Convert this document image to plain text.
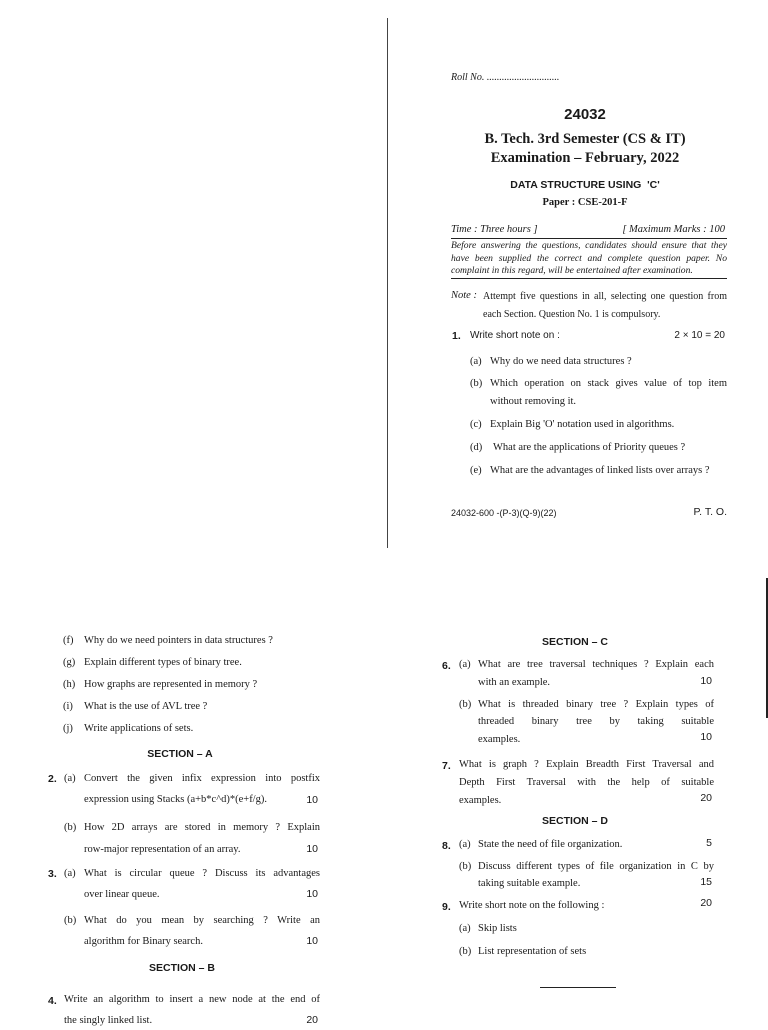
Roll No. .............................
24032
B. Tech. 3rd Semester (CS & IT)
Examination – February, 2022
DATA STRUCTURE USING  'C'
Paper : CSE-201-F
Time : Three hours ]	[ Maximum Marks : 100
Before answering the questions, candidates should ensure that they have been supplied the correct and complete question paper. No complaint in this regard, will be entertained after examination.
Note : Attempt five questions in all, selecting one question from each Section. Question No. 1 is compulsory.
1. Write short note on :	2 × 10 = 20
(a) Why do we need data structures ?
(b) Which operation on stack gives value of top item without removing it.
(c) Explain Big 'O' notation used in algorithms.
(d) What are the applications of Priority queues ?
(e) What are the advantages of linked lists over arrays ?
24032-600 -(P-3)(Q-9)(22)	P. T. O.
(f) Why do we need pointers in data structures ?
(g) Explain different types of binary tree.
(h) How graphs are represented in memory ?
(i) What is the use of AVL tree ?
(j) Write applications of sets.
SECTION – A
2. (a) Convert the given infix expression into postfix
expression using Stacks (a+b*c^d)*(e+f/g).	10
(b) How 2D arrays are stored in memory ? Explain
row-major representation of an array.	10
3. (a) What is circular queue ? Discuss its advantages
over linear queue.	10
(b) What do you mean by searching ? Write an
algorithm for Binary search.	10
SECTION – B
4. Write an algorithm to insert a new node at the end of
the singly linked list.	20
SECTION – C
6. (a) What are tree traversal techniques ? Explain each
with an example.	10
(b) What is threaded binary tree ? Explain types of
threaded binary tree by taking suitable
examples.	10
7. What is graph ? Explain Breadth First Traversal and
Depth First Traversal with the help of suitable
examples.	20
SECTION – D
8. (a) State the need of file organization.	5
(b) Discuss different types of file organization in C by
taking suitable example.	15
9. Write short note on the following :	20
(a) Skip lists
(b) List representation of sets
